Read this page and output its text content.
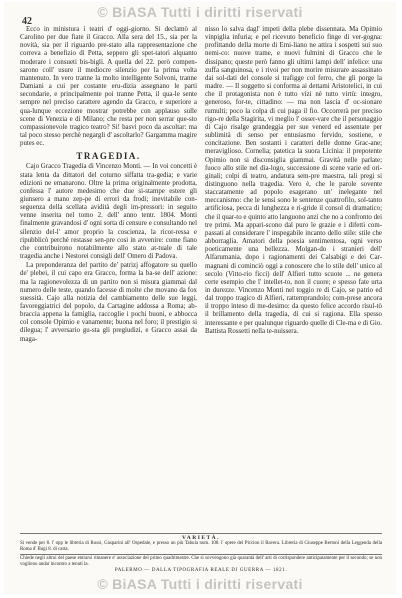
© BiASA Tutti i diritti riservati
42

Ecco in ministura i teatri d' oggi-giorno. Si declamò al Carolino per due fiate il Gracco. Alla sera del 15., sia per la novità, sia per il riguardo pre-stato alla rappresentazione che correva a benefizio di Petta, seppero gli spet-tatori alquanto moderare i consueti bis-bigli. A quella del 22. però compen-sarono coll' usure il mediocre silenzio per la prima volta mantenuto. In vero tranne la molto intelligente Solvoni, tranne Damiani a cui per costante eru-dizia assegnano le parti secondarie, e principalmente poi tranne Petta, il qua-le sente sempre nel preciso carattere agendo da Gracco, e superiore a qua-lunque eccezione mostrar potrebbe con applauso sulle scene di Venezia e di Milano; che resta per non serrar que-sto compassionevole tragico teatro? Si! basvi poco da ascoltar: ma tal poco stesso perchè negargli d' ascoltarlo? Gargamma magire putes ec.

TRAGEDIA.

Cajo Gracco Tragedia di Vincenzo Monti. — In voi concetti è stata lenta da dittatori del coturno siffatta tra-gedia; e varie edizioni ne emanarono. Oltre la prima originalmente prodotta, confessa l' autore medesimo che due si-stampe estere gli giunsero a mano zep-pe di errori da frodi; inevitabile con-seguenza della scellata avidità degli im-pressori: in seguito venne inserita nel tomo 2. dell' anno tentr. 1804. Monti finalmente gravandosi d' ogni sorta di censure e consultando nel silenzio del-l' amor proprio la coscienza, la ricor-ressa e ripubblicò perchè restasse sen-pre cosi in avvenire: come fiano che contribuirono notabilmente allo stato at-tuale di tale tragedia anche i Nestorei consigli dell' Omero di Padova.

La preponderanza del partito de' patrizj affogatore su quello de' plebei, il cui capo era Gracco, forma la ba-se dell' azione: ma la ragionevolezza di un partito non si misura giammai dal numero delle teste, quando facesse di molte che movano da fox suessità. Cajo alla notizia del cambiamento delle sue leggi, favoreggiatrici del popolo, da Cartagine addossa a Roma; ab-braccia appena la famiglia, raccoglie i pochi buoni, e abbocca col console Opimio e vanamente; buona nel foro; il prestigio si dilegua; l' avversario gu-sta gli pregiudizi, e Gracco assai da maga-

nisso lo salva dagl' impeti della plebe dissennata. Ma Opimio vinpiglia infuria; e pel ricevuto beneficio finge di ver-gogna: profittando della morte di Emi-liano ne attira i sospetti sui suo nemi-co: nuove trame, e nuovi fulmini di Gracco che le dissipano; queste però fanno gli ultimi lampi dell' infelice: una zuffa sanguinosa, e i rivoi per non morire misurare assassinato dai sol-dati del console si trafigge col ferro, che gli porge la madre. — Il soggetto si conforma ai dettami Aristotelici, in cui che il protagonista non è tutto vizi nè tutto virtù: integro, generoso, for-te, cittadino: — ma non lascia d' oc-sionare rumulti; poco la colpa di cui paga il fio. Occorrerà per preciso rigo-re della Stagirita, vi meglio l' osser-vare che il personaggio di Cajo risalge grandeggia per sue venerd ed assentate per sublimità di senso per entusiasmo fervido, sostiene, e concitazione. Ben sostanti i caratteri delle donne Grac-ane; meraviglioso. Cornelia; patetica la suora Licinia: il prepotente Opimio non si disconsiglia giammai. Gravità nelle parlate; fuoco allo stile nel dia-logo, successione di scene varie ed ori-ginali; colpi di teatro, andatura sem-pre maestra, tali pregi si distinguono nella tragedia. Vero è, che le parole sovente staccatamente ad popolo esagerano un' inelegante nel meccanismo: che le sensi sono le sentenze quattrofilo, sol-tanto artificiosa, pecca di lunghezza e ri-gride il consol di dramatico; che il quar-to e quinto atto languono anzi che no a confronto dei tre primi. Ma appari-scono dal puro le grazie e i difetti com-passati al considerare l' inspegabile incanto dello stile: stile che abborraglia. Amatori della poesia sentimentosa, ogni verso poeticamente una bellezza. Molgan-do i stranieri dell' Alfarumania, dopo i ragionamenti dei Calsabigi e dei Car-magnani di cominciò oggi a conoscere che lo stile dell' unico al secolo (Vitto-rio ficci) dell' Alfieri tutto scuote ... ne genera certe esempio che l' intellet-to, non il cuore; e spesso fate urta in durezze. Vincenzo Monti nel toggio re di Cajo, se patrio ed dal troppo tragico di Alfieri, rattemprandolo; com-prese ancora il troppo inteso di me-desimo: da questo felice accordo risul-tò il brillamento della tragedia, di cui si ragiona. Ella spesso interessante e per qualunque riguardo quelle di Cle-ma e di Gio. Battista Rossetti nella te-nuissera.

VARIETÀ.

Si vende per 8. l' opp le libreria di Rossi, Gasparini all' Ospedale, e presso un più Tabula num. 108. l' opere del Piccion il Ravera. Libreria di Giuseppe Bertoni della Leggenda della Roma d' Bugi 8. di carta.

Chiede negli altrui del paese entrarsi rimanere e' associazione del primo quadrimestre. Che si sovvengono già quarantà dell' arti di corrispondere anticipatamente per il secondo; se non vogliono andar incontro a tenuti la.

PALERMO — DALLA TIPOGRAFIA REALE DI GUERRA — 1821.

© BiASA Tutti i diritti riservati
